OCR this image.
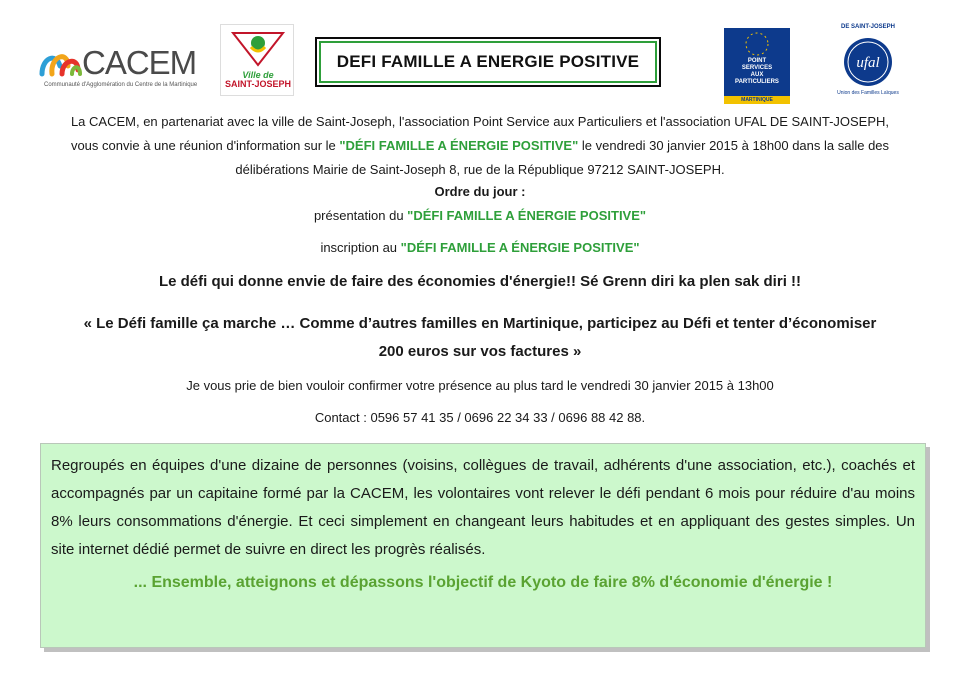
CACEM
Communauté d'Agglomération du Centre de la Martinique
Ville de
SAINT-JOSEPH
DEFI FAMILLE A ENERGIE POSITIVE	POINT
SERVICES
AUX
PARTICULIERS
MARTINIQUE
DE SAINT-JOSEPH
ufal
Union des Familles Laïques
La CACEM, en partenariat avec la ville de Saint-Joseph, l'association Point Service aux Particuliers et l'association UFAL DE SAINT-JOSEPH,
vous convie à une réunion d'information sur le "DÉFI FAMILLE A ÉNERGIE POSITIVE" le vendredi 30 janvier 2015 à 18h00 dans la salle des
délibérations Mairie de Saint-Joseph 8, rue de la République 97212 SAINT-JOSEPH.
Ordre du jour :
présentation du "DÉFI FAMILLE A ÉNERGIE POSITIVE"
inscription au "DÉFI FAMILLE A ÉNERGIE POSITIVE"
Le défi qui donne envie de faire des économies d'énergie!! Sé Grenn diri ka plen sak diri !!
« Le Défi famille ça marche … Comme d’autres familles en Martinique, participez au Défi et tenter d’économiser
200 euros sur vos factures »
Je vous prie de bien vouloir confirmer votre présence au plus tard le vendredi 30 janvier 2015 à 13h00
Contact : 0596 57 41 35 / 0696 22 34 33 / 0696 88 42 88.

Regroupés en équipes d'une dizaine de personnes (voisins, collègues de travail, adhérents d'une association, etc.), coachés et accompagnés par un capitaine formé par la CACEM, les volontaires vont relever le défi pendant 6 mois pour réduire d'au moins 8% leurs consommations d'énergie. Et ceci simplement en changeant leurs habitudes et en appliquant des gestes simples. Un site internet dédié permet de suivre en direct les progrès réalisés.

... Ensemble, atteignons et dépassons l'objectif de Kyoto de faire 8% d'économie d'énergie !
